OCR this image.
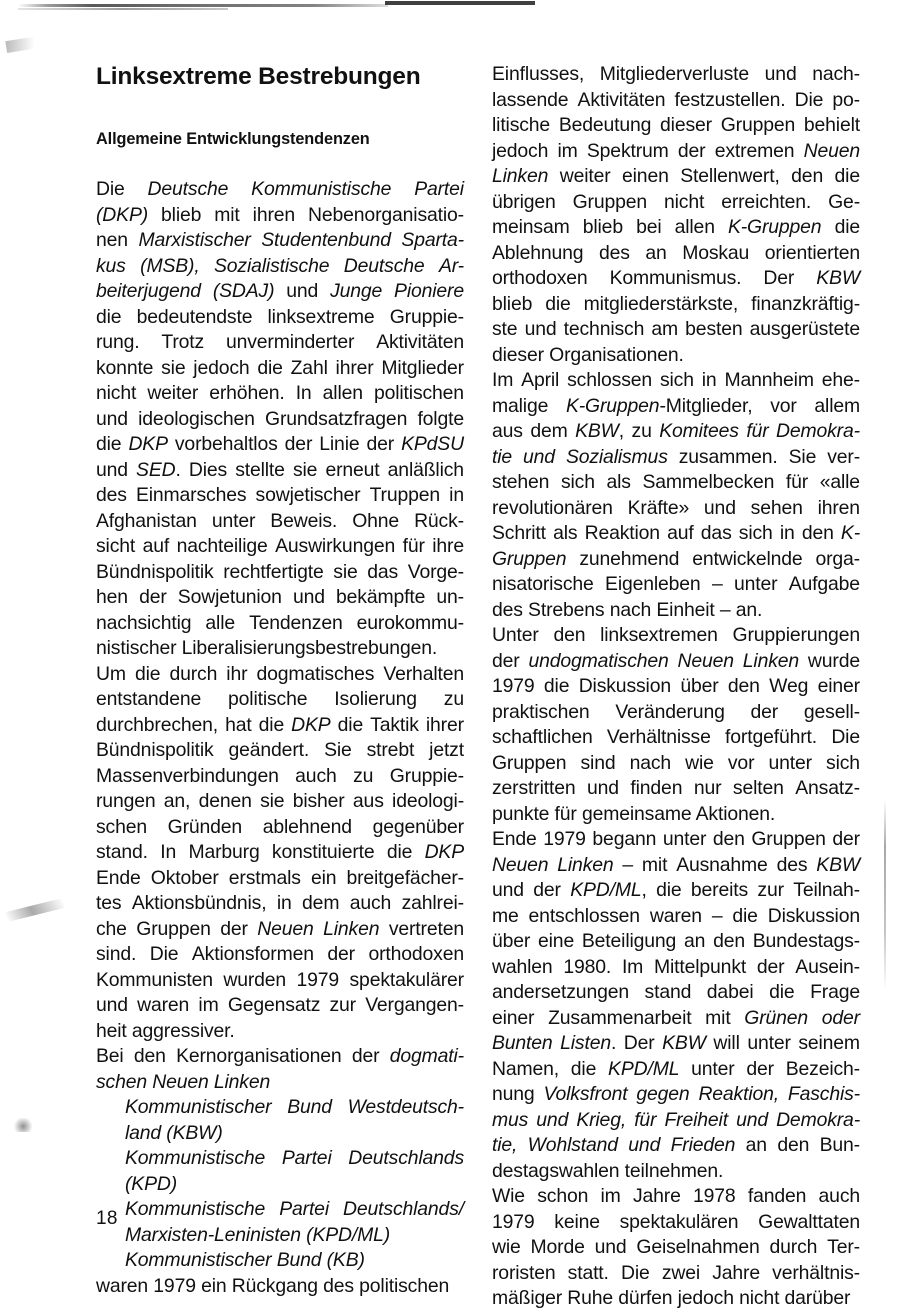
Linksextreme Bestrebungen
Allgemeine Entwicklungstendenzen
Die Deutsche Kommunistische Partei
(DKP) blieb mit ihren Nebenorganisatio-
nen Marxistischer Studentenbund Sparta-
kus (MSB), Sozialistische Deutsche Ar-
beiterjugend (SDAJ) und Junge Pioniere
die bedeutendste linksextreme Gruppie-
rung. Trotz unverminderter Aktivitäten
konnte sie jedoch die Zahl ihrer Mitglieder
nicht weiter erhöhen. In allen politischen
und ideologischen Grundsatzfragen folgte
die DKP vorbehaltlos der Linie der KPdSU
und SED. Dies stellte sie erneut anläßlich
des Einmarsches sowjetischer Truppen in
Afghanistan unter Beweis. Ohne Rück-
sicht auf nachteilige Auswirkungen für ihre
Bündnispolitik rechtfertigte sie das Vorge-
hen der Sowjetunion und bekämpfte un-
nachsichtig alle Tendenzen eurokommu-
nistischer Liberalisierungsbestrebungen.
Um die durch ihr dogmatisches Verhalten
entstandene politische Isolierung zu
durchbrechen, hat die DKP die Taktik ihrer
Bündnispolitik geändert. Sie strebt jetzt
Massenverbindungen auch zu Gruppie-
rungen an, denen sie bisher aus ideologi-
schen Gründen ablehnend gegenüber
stand. In Marburg konstituierte die DKP
Ende Oktober erstmals ein breitgefächer-
tes Aktionsbündnis, in dem auch zahlrei-
che Gruppen der Neuen Linken vertreten
sind. Die Aktionsformen der orthodoxen
Kommunisten wurden 1979 spektakulärer
und waren im Gegensatz zur Vergangen-
heit aggressiver.
Bei den Kernorganisationen der dogmati-
schen Neuen Linken
Kommunistischer Bund Westdeutsch-
land (KBW)
Kommunistische Partei Deutschlands
(KPD)
Kommunistische Partei Deutschlands/
Marxisten-Leninisten (KPD/ML)
Kommunistischer Bund (KB)
waren 1979 ein Rückgang des politischen
Einflusses, Mitgliederverluste und nach-
lassende Aktivitäten festzustellen. Die po-
litische Bedeutung dieser Gruppen behielt
jedoch im Spektrum der extremen Neuen
Linken weiter einen Stellenwert, den die
übrigen Gruppen nicht erreichten. Ge-
meinsam blieb bei allen K-Gruppen die
Ablehnung des an Moskau orientierten
orthodoxen Kommunismus. Der KBW
blieb die mitgliederstärkste, finanzkräftig-
ste und technisch am besten ausgerüstete
dieser Organisationen.
Im April schlossen sich in Mannheim ehe-
malige K-Gruppen-Mitglieder, vor allem
aus dem KBW, zu Komitees für Demokra-
tie und Sozialismus zusammen. Sie ver-
stehen sich als Sammelbecken für «alle
revolutionären Kräfte» und sehen ihren
Schritt als Reaktion auf das sich in den K-
Gruppen zunehmend entwickelnde orga-
nisatorische Eigenleben – unter Aufgabe
des Strebens nach Einheit – an.
Unter den linksextremen Gruppierungen
der undogmatischen Neuen Linken wurde
1979 die Diskussion über den Weg einer
praktischen Veränderung der gesell-
schaftlichen Verhältnisse fortgeführt. Die
Gruppen sind nach wie vor unter sich
zerstritten und finden nur selten Ansatz-
punkte für gemeinsame Aktionen.
Ende 1979 begann unter den Gruppen der
Neuen Linken – mit Ausnahme des KBW
und der KPD/ML, die bereits zur Teilnah-
me entschlossen waren – die Diskussion
über eine Beteiligung an den Bundestags-
wahlen 1980. Im Mittelpunkt der Ausein-
andersetzungen stand dabei die Frage
einer Zusammenarbeit mit Grünen oder
Bunten Listen. Der KBW will unter seinem
Namen, die KPD/ML unter der Bezeich-
nung Volksfront gegen Reaktion, Faschis-
mus und Krieg, für Freiheit und Demokra-
tie, Wohlstand und Frieden an den Bun-
destagswahlen teilnehmen.
Wie schon im Jahre 1978 fanden auch
1979 keine spektakulären Gewalttaten
wie Morde und Geiselnahmen durch Ter-
roristen statt. Die zwei Jahre verhältnis-
mäßiger Ruhe dürfen jedoch nicht darüber
18
